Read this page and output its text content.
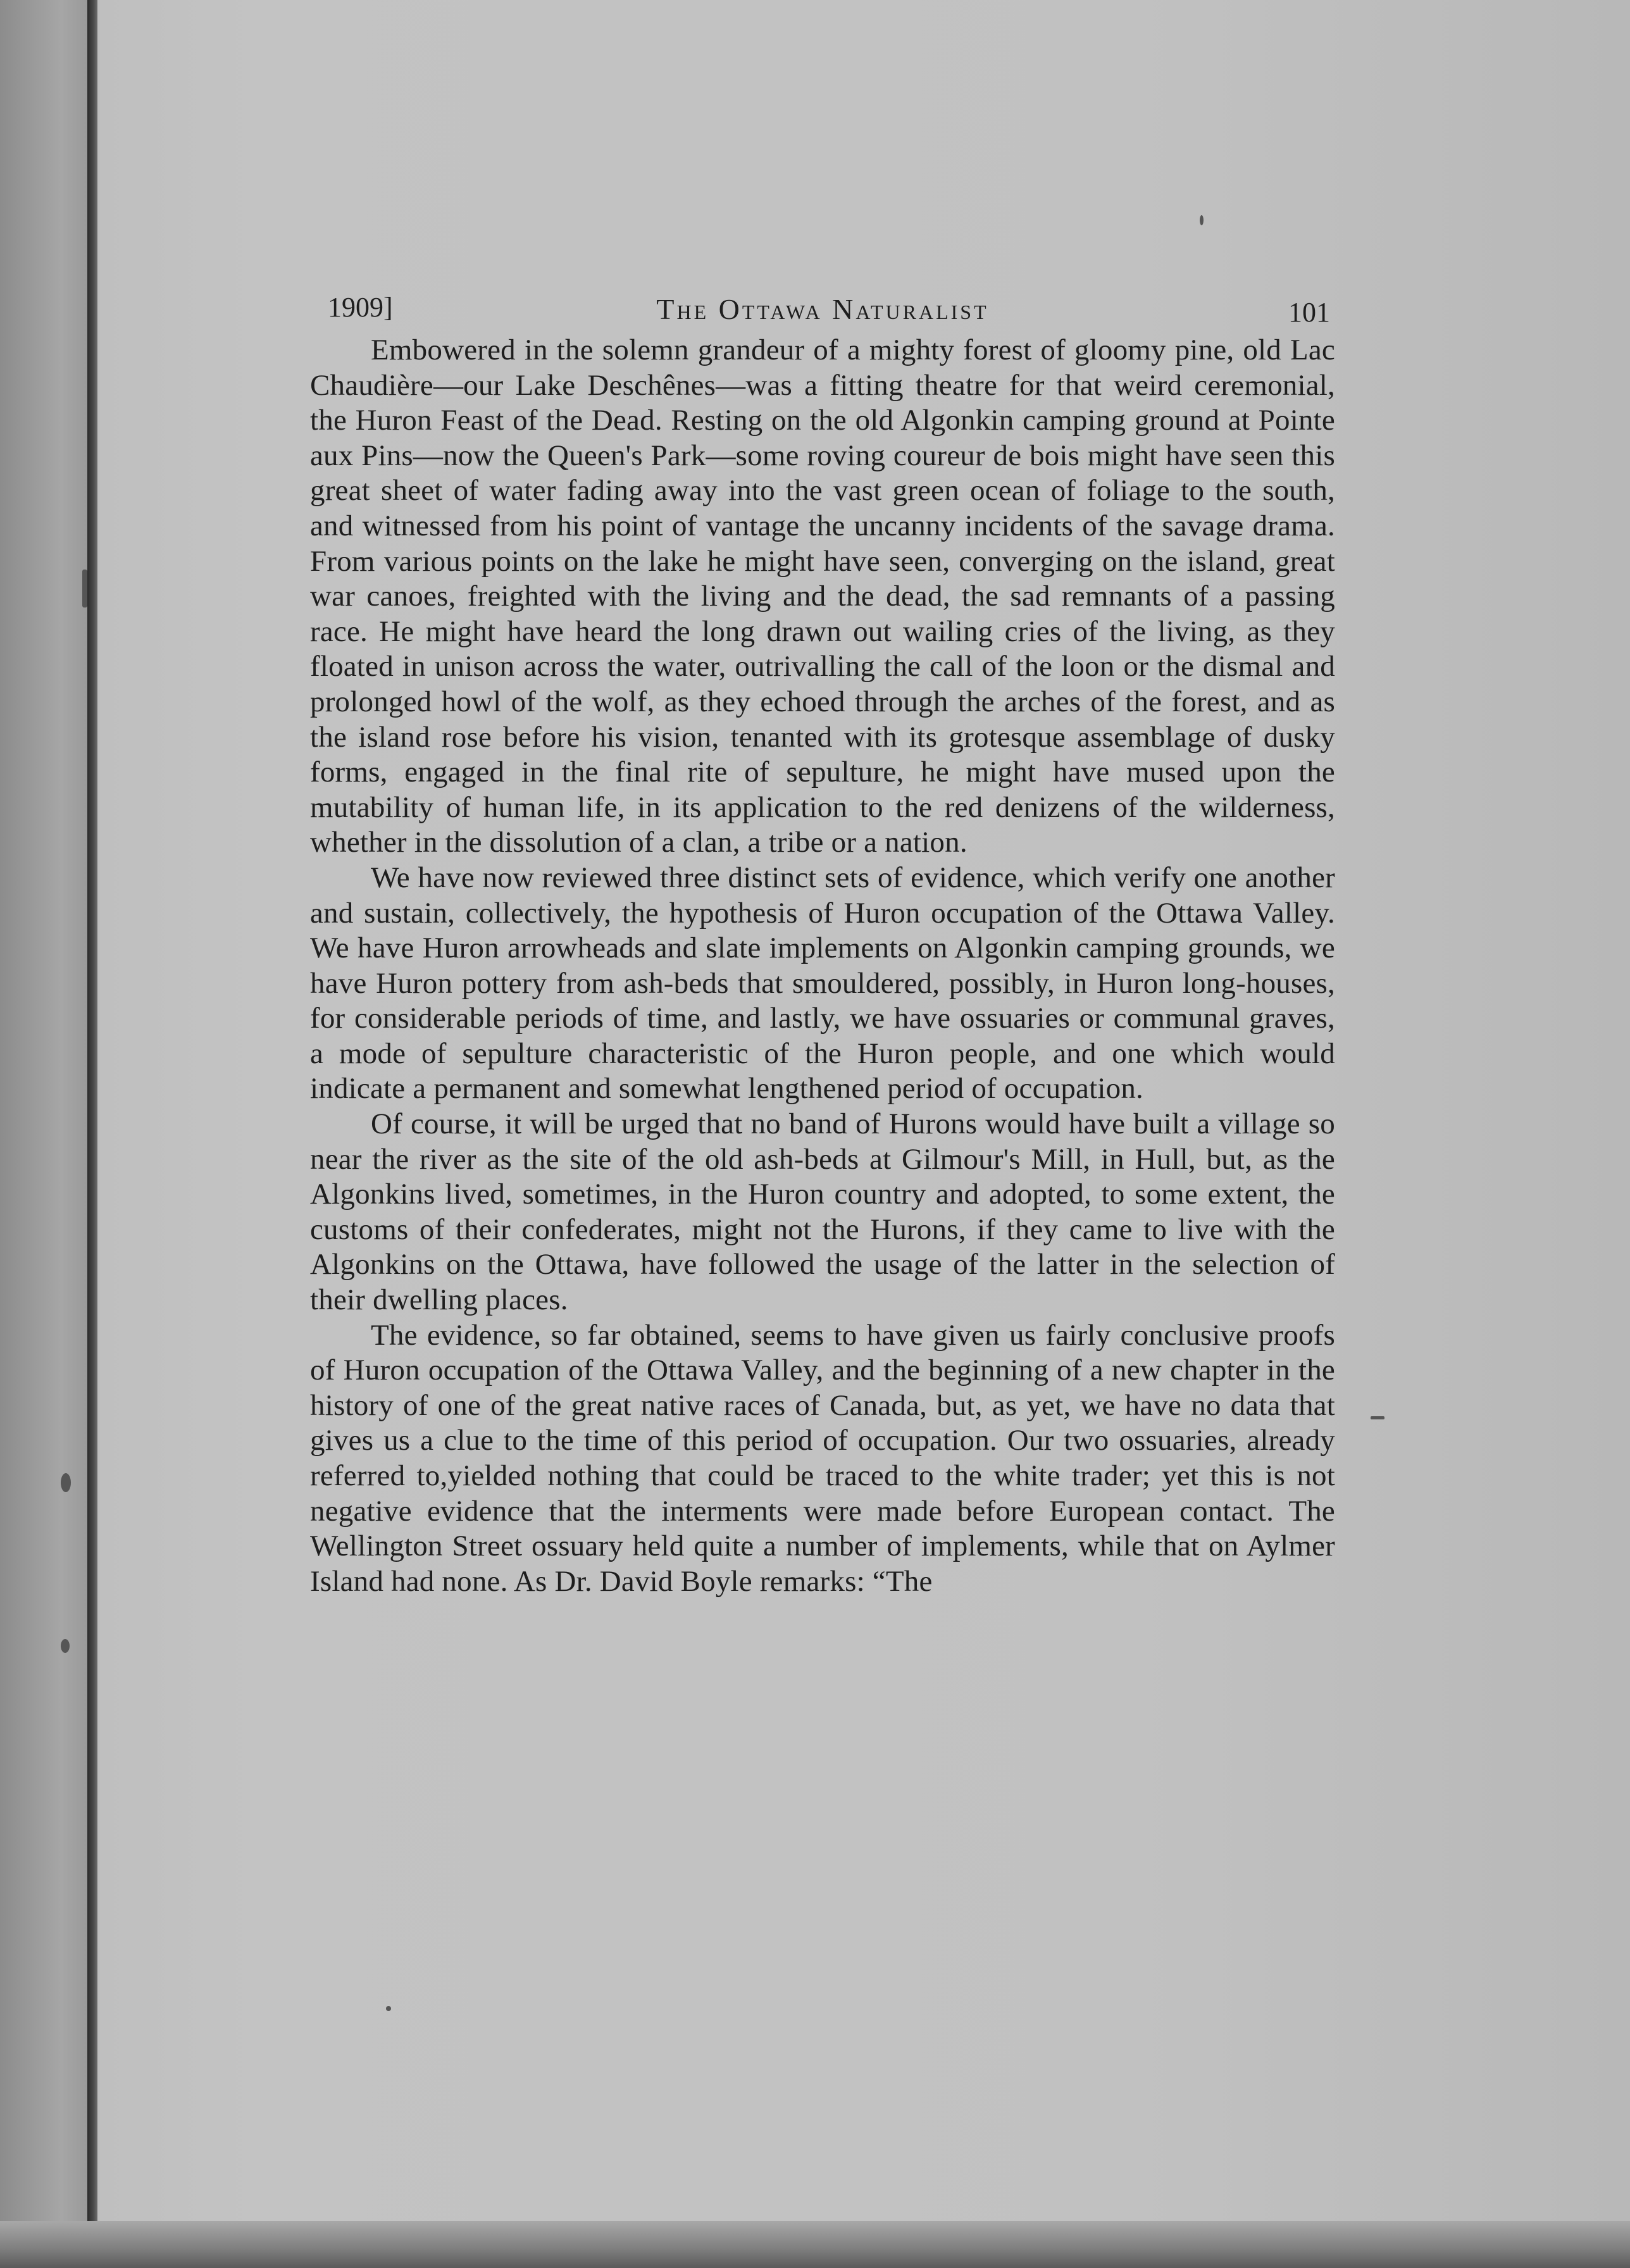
1909]	The Ottawa Naturalist	101

Embowered in the solemn grandeur of a mighty forest of gloomy pine, old Lac Chaudière—our Lake Deschênes—was a fitting theatre for that weird ceremonial, the Huron Feast of the Dead. Resting on the old Algonkin camping ground at Pointe aux Pins—now the Queen's Park—some roving coureur de bois might have seen this great sheet of water fading away into the vast green ocean of foliage to the south, and witnessed from his point of vantage the uncanny incidents of the savage drama. From various points on the lake he might have seen, converging on the island, great war canoes, freighted with the living and the dead, the sad remnants of a passing race. He might have heard the long drawn out wailing cries of the living, as they floated in unison across the water, outrivalling the call of the loon or the dismal and prolonged howl of the wolf, as they echoed through the arches of the forest, and as the island rose before his vision, tenanted with its grotesque assemblage of dusky forms, engaged in the final rite of sepulture, he might have mused upon the mutability of human life, in its application to the red denizens of the wilderness, whether in the dissolution of a clan, a tribe or a nation.

We have now reviewed three distinct sets of evidence, which verify one another and sustain, collectively, the hypothesis of Huron occupation of the Ottawa Valley. We have Huron arrowheads and slate implements on Algonkin camping grounds, we have Huron pottery from ash-beds that smouldered, possibly, in Huron long-houses, for considerable periods of time, and lastly, we have ossuaries or communal graves, a mode of sepulture characteristic of the Huron people, and one which would indicate a permanent and somewhat lengthened period of occupation.

Of course, it will be urged that no band of Hurons would have built a village so near the river as the site of the old ash-beds at Gilmour's Mill, in Hull, but, as the Algonkins lived, sometimes, in the Huron country and adopted, to some extent, the customs of their confederates, might not the Hurons, if they came to live with the Algonkins on the Ottawa, have followed the usage of the latter in the selection of their dwelling places.

The evidence, so far obtained, seems to have given us fairly conclusive proofs of Huron occupation of the Ottawa Valley, and the beginning of a new chapter in the history of one of the great native races of Canada, but, as yet, we have no data that gives us a clue to the time of this period of occupation. Our two ossuaries, already referred to,yielded nothing that could be traced to the white trader; yet this is not negative evidence that the interments were made before European contact. The Wellington Street ossuary held quite a number of implements, while that on Aylmer Island had none. As Dr. David Boyle remarks: “The
